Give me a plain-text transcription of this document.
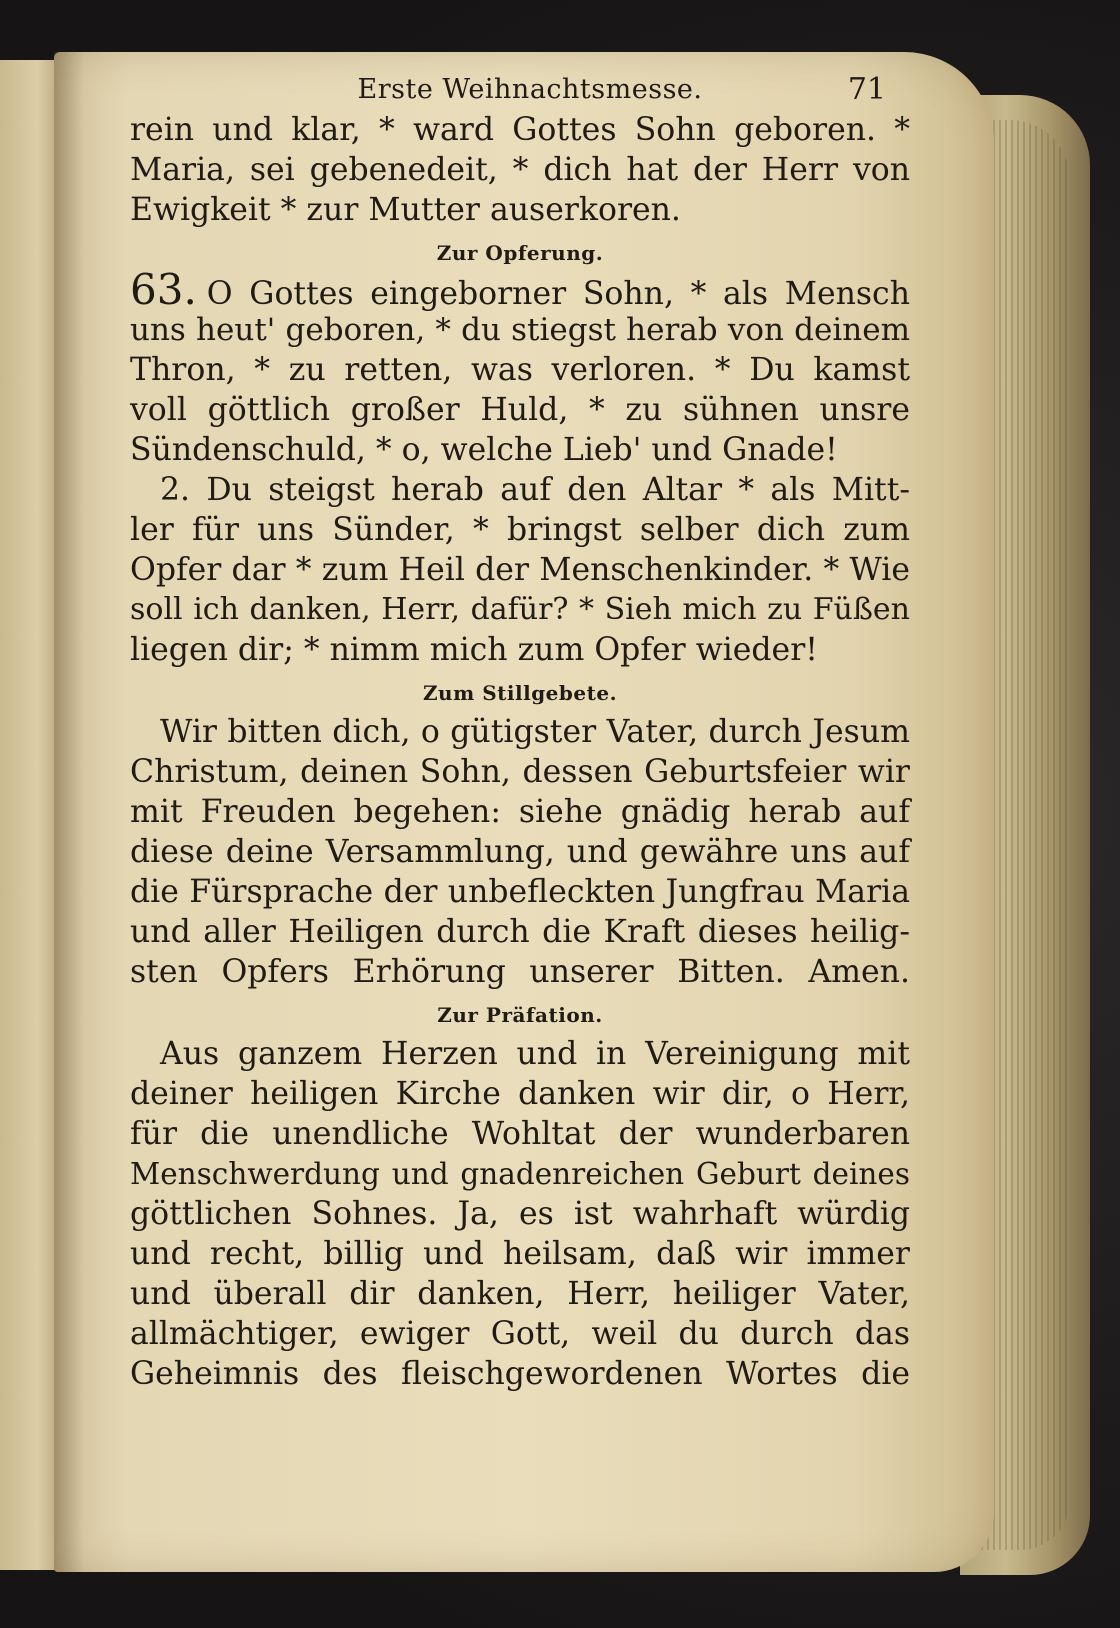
Erste Weihnachtsmesse.	71
rein und klar, * ward Gottes Sohn geboren. *
Maria, sei gebenedeit, * dich hat der Herr von
Ewigkeit * zur Mutter auserkoren.
Zur Opferung.
63. O Gottes eingeborner Sohn, * als Mensch
uns heut' geboren, * du stiegst herab von deinem
Thron, * zu retten, was verloren. * Du kamst
voll göttlich großer Huld, * zu sühnen unsre
Sündenschuld, * o, welche Lieb' und Gnade!
2. Du steigst herab auf den Altar * als Mitt-
ler für uns Sünder, * bringst selber dich zum
Opfer dar * zum Heil der Menschenkinder. * Wie
soll ich danken, Herr, dafür? * Sieh mich zu Füßen
liegen dir; * nimm mich zum Opfer wieder!
Zum Stillgebete.
Wir bitten dich, o gütigster Vater, durch Jesum
Christum, deinen Sohn, dessen Geburtsfeier wir
mit Freuden begehen: siehe gnädig herab auf
diese deine Versammlung, und gewähre uns auf
die Fürsprache der unbefleckten Jungfrau Maria
und aller Heiligen durch die Kraft dieses heilig-
sten Opfers Erhörung unserer Bitten. Amen.
Zur Präfation.
Aus ganzem Herzen und in Vereinigung mit
deiner heiligen Kirche danken wir dir, o Herr,
für die unendliche Wohltat der wunderbaren
Menschwerdung und gnadenreichen Geburt deines
göttlichen Sohnes. Ja, es ist wahrhaft würdig
und recht, billig und heilsam, daß wir immer
und überall dir danken, Herr, heiliger Vater,
allmächtiger, ewiger Gott, weil du durch das
Geheimnis des fleischgewordenen Wortes die
